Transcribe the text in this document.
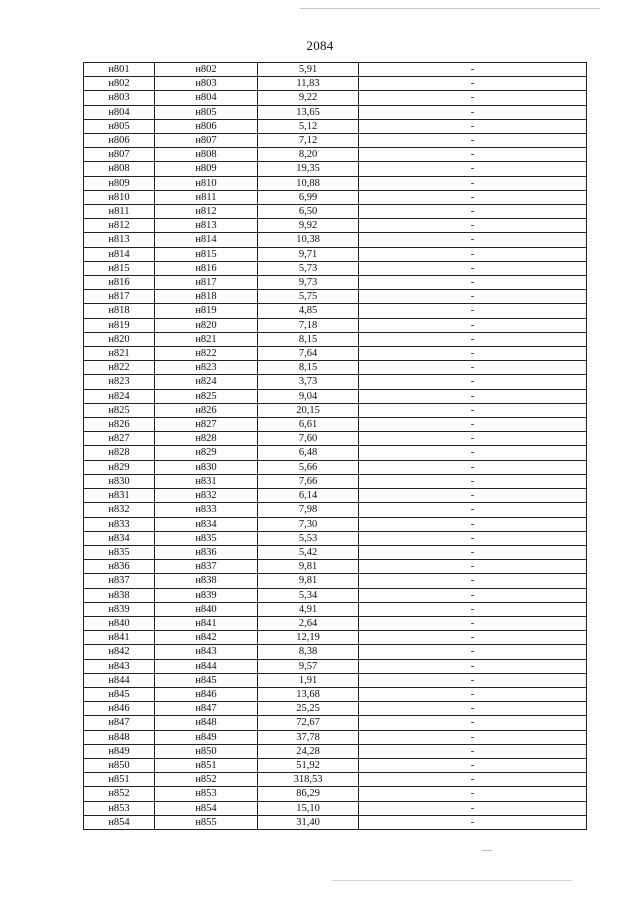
2084
н801	н802	5,91	-
н802	н803	11,83	-
н803	н804	9,22	-
н804	н805	13,65	-
н805	н806	5,12	-
н806	н807	7,12	-
н807	н808	8,20	-
н808	н809	19,35	-
н809	н810	10,88	-
н810	н811	6,99	-
н811	н812	6,50	-
н812	н813	9,92	-
н813	н814	10,38	-
н814	н815	9,71	-
н815	н816	5,73	-
н816	н817	9,73	-
н817	н818	5,75	-
н818	н819	4,85	-
н819	н820	7,18	-
н820	н821	8,15	-
н821	н822	7,64	-
н822	н823	8,15	-
н823	н824	3,73	-
н824	н825	9,04	-
н825	н826	20,15	-
н826	н827	6,61	-
н827	н828	7,60	-
н828	н829	6,48	-
н829	н830	5,66	-
н830	н831	7,66	-
н831	н832	6,14	-
н832	н833	7,98	-
н833	н834	7,30	-
н834	н835	5,53	-
н835	н836	5,42	-
н836	н837	9,81	-
н837	н838	9,81	-
н838	н839	5,34	-
н839	н840	4,91	-
н840	н841	2,64	-
н841	н842	12,19	-
н842	н843	8,38	-
н843	н844	9,57	-
н844	н845	1,91	-
н845	н846	13,68	-
н846	н847	25,25	-
н847	н848	72,67	-
н848	н849	37,78	-
н849	н850	24,28	-
н850	н851	51,92	-
н851	н852	318,53	-
н852	н853	86,29	-
н853	н854	15,10	-
н854	н855	31,40	-
